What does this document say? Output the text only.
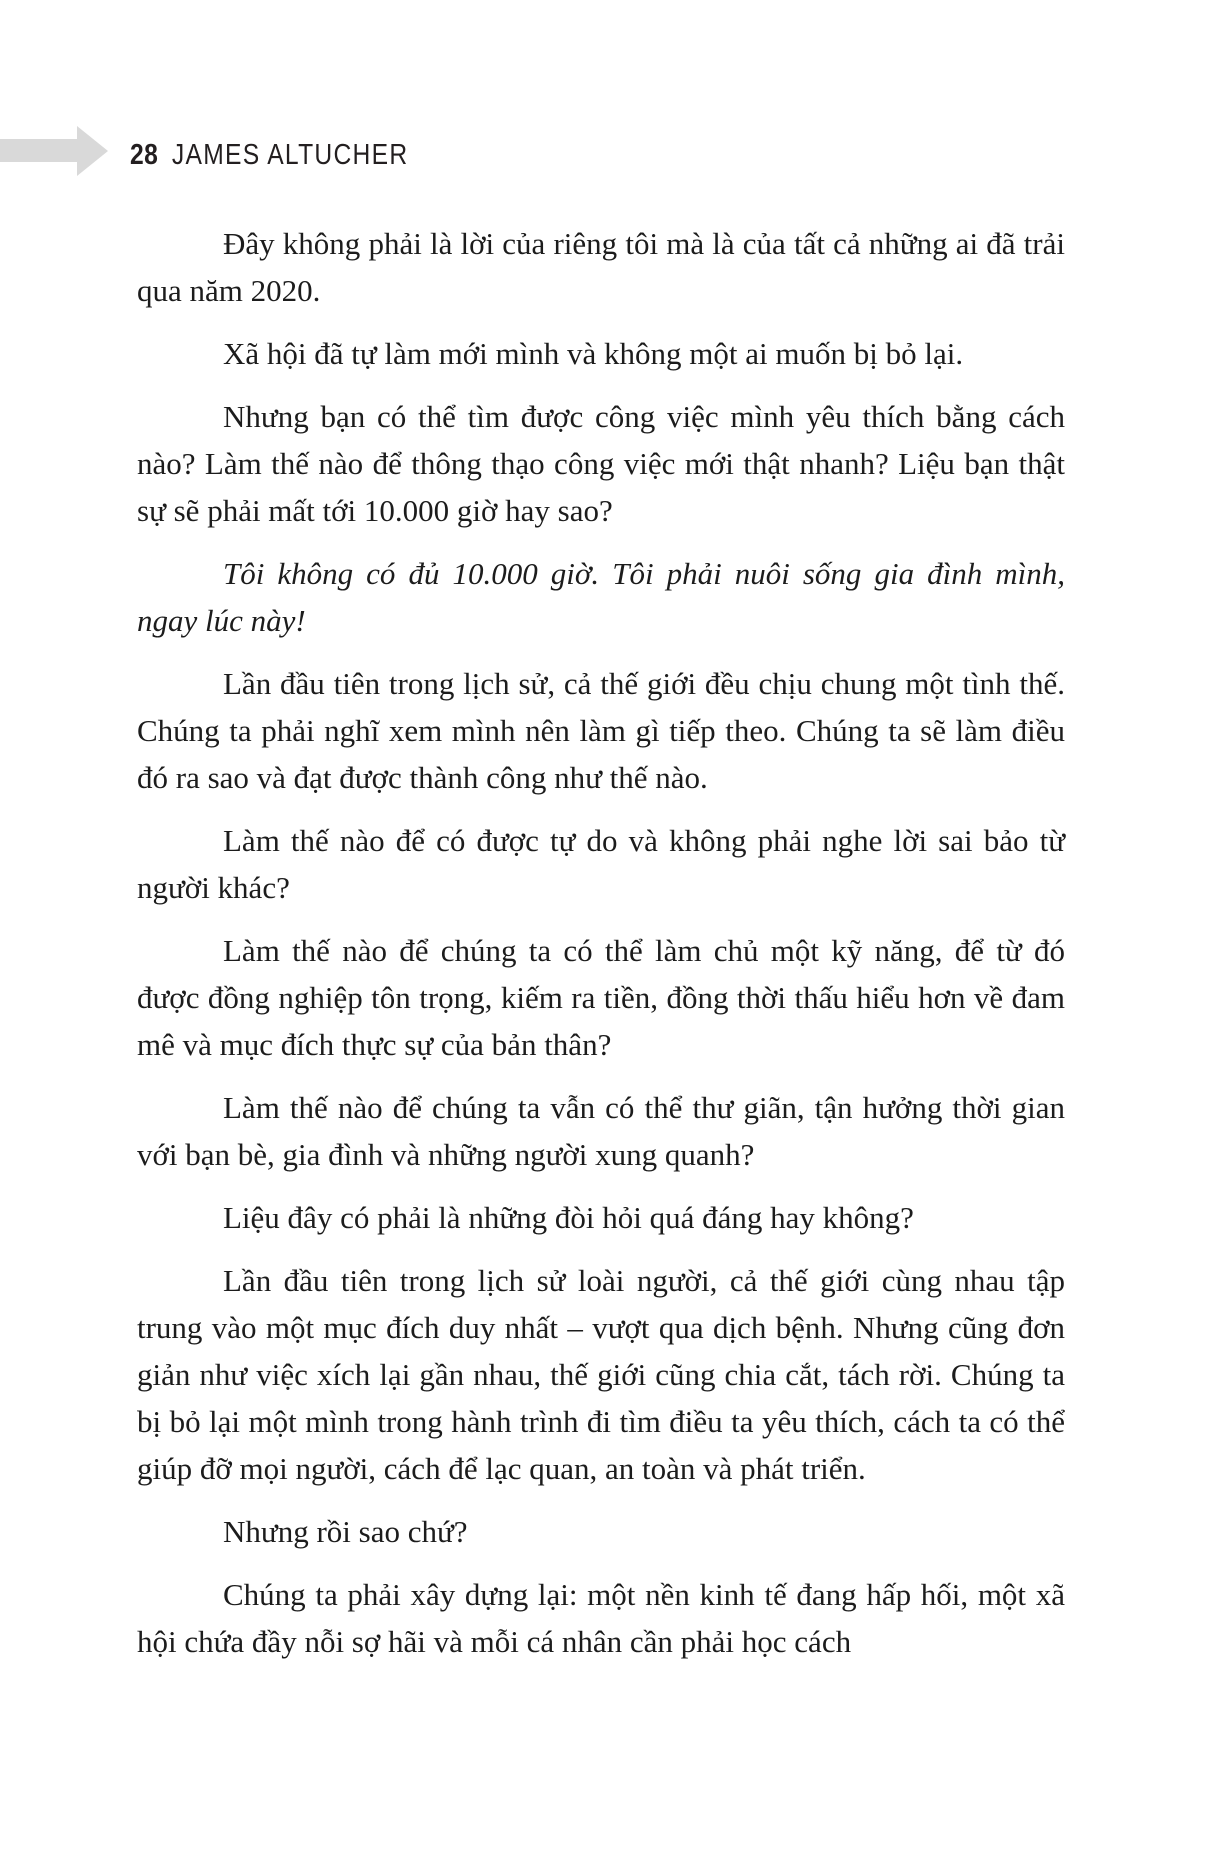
28 JAMES ALTUCHER

Đây không phải là lời của riêng tôi mà là của tất cả những ai đã trải qua năm 2020.

Xã hội đã tự làm mới mình và không một ai muốn bị bỏ lại.

Nhưng bạn có thể tìm được công việc mình yêu thích bằng cách nào? Làm thế nào để thông thạo công việc mới thật nhanh? Liệu bạn thật sự sẽ phải mất tới 10.000 giờ hay sao?

Tôi không có đủ 10.000 giờ. Tôi phải nuôi sống gia đình mình, ngay lúc này!

Lần đầu tiên trong lịch sử, cả thế giới đều chịu chung một tình thế. Chúng ta phải nghĩ xem mình nên làm gì tiếp theo. Chúng ta sẽ làm điều đó ra sao và đạt được thành công như thế nào.

Làm thế nào để có được tự do và không phải nghe lời sai bảo từ người khác?

Làm thế nào để chúng ta có thể làm chủ một kỹ năng, để từ đó được đồng nghiệp tôn trọng, kiếm ra tiền, đồng thời thấu hiểu hơn về đam mê và mục đích thực sự của bản thân?

Làm thế nào để chúng ta vẫn có thể thư giãn, tận hưởng thời gian với bạn bè, gia đình và những người xung quanh?

Liệu đây có phải là những đòi hỏi quá đáng hay không?

Lần đầu tiên trong lịch sử loài người, cả thế giới cùng nhau tập trung vào một mục đích duy nhất – vượt qua dịch bệnh. Nhưng cũng đơn giản như việc xích lại gần nhau, thế giới cũng chia cắt, tách rời. Chúng ta bị bỏ lại một mình trong hành trình đi tìm điều ta yêu thích, cách ta có thể giúp đỡ mọi người, cách để lạc quan, an toàn và phát triển.

Nhưng rồi sao chứ?

Chúng ta phải xây dựng lại: một nền kinh tế đang hấp hối, một xã hội chứa đầy nỗi sợ hãi và mỗi cá nhân cần phải học cách
